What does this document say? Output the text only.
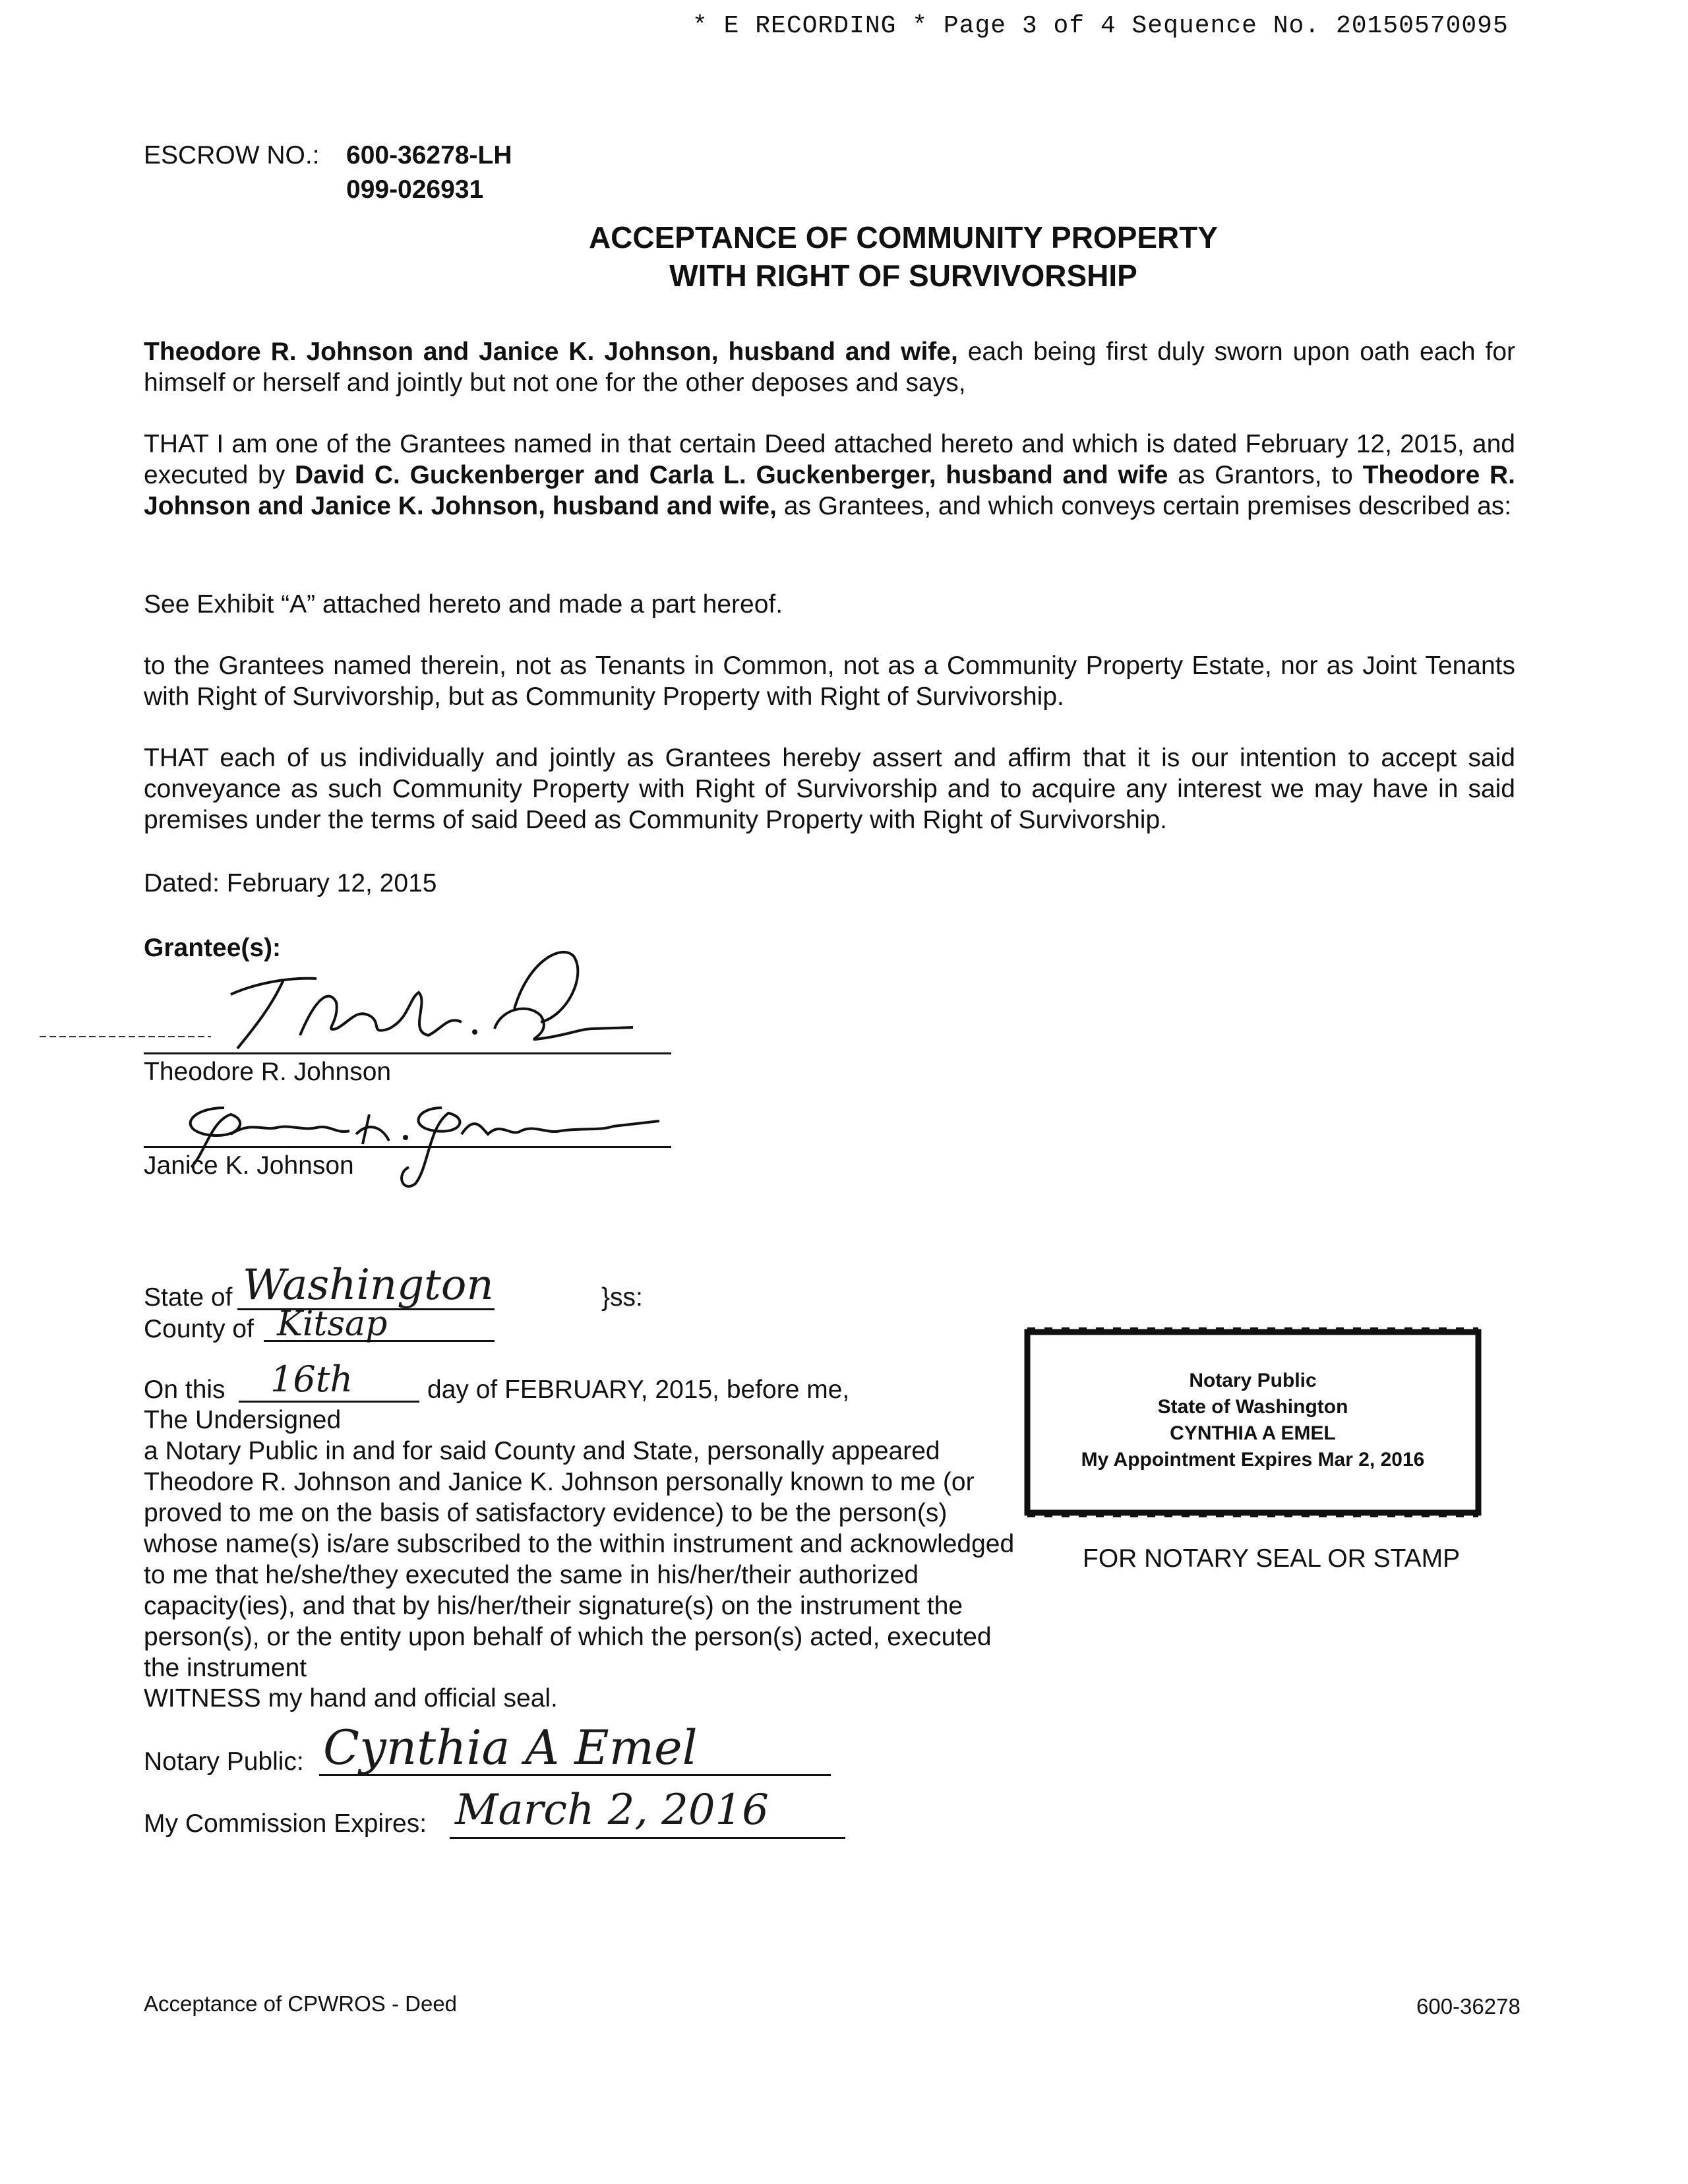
* E RECORDING * Page 3 of 4 Sequence No. 20150570095
ESCROW NO.: 600-36278-LH
099-026931
ACCEPTANCE OF COMMUNITY PROPERTY
WITH RIGHT OF SURVIVORSHIP
Theodore R. Johnson and Janice K. Johnson, husband and wife, each being first duly sworn upon oath each for himself or herself and jointly but not one for the other deposes and says,
THAT I am one of the Grantees named in that certain Deed attached hereto and which is dated February 12, 2015, and executed by David C. Guckenberger and Carla L. Guckenberger, husband and wife as Grantors, to Theodore R. Johnson and Janice K. Johnson, husband and wife, as Grantees, and which conveys certain premises described as:
See Exhibit “A” attached hereto and made a part hereof.
to the Grantees named therein, not as Tenants in Common, not as a Community Property Estate, nor as Joint Tenants with Right of Survivorship, but as Community Property with Right of Survivorship.
THAT each of us individually and jointly as Grantees hereby assert and affirm that it is our intention to accept said conveyance as such Community Property with Right of Survivorship and to acquire any interest we may have in said premises under the terms of said Deed as Community Property with Right of Survivorship.
Dated: February 12, 2015
Grantee(s):
Theodore R. Johnson
Janice K. Johnson
State of Washington	}ss:
County of Kitsap
On this 16th	day of FEBRUARY, 2015, before me,
The Undersigned
a Notary Public in and for said County and State, personally appeared Theodore R. Johnson and Janice K. Johnson personally known to me (or proved to me on the basis of satisfactory evidence) to be the person(s) whose name(s) is/are subscribed to the within instrument and acknowledged to me that he/she/they executed the same in his/her/their authorized capacity(ies), and that by his/her/their signature(s) on the instrument the person(s), or the entity upon behalf of which the person(s) acted, executed the instrument
WITNESS my hand and official seal.
Notary Public: Cynthia A Emel
My Commission Expires: March 2, 2016
Notary Public
State of Washington
CYNTHIA A EMEL
My Appointment Expires Mar 2, 2016
FOR NOTARY SEAL OR STAMP
Acceptance of CPWROS - Deed	600-36278
